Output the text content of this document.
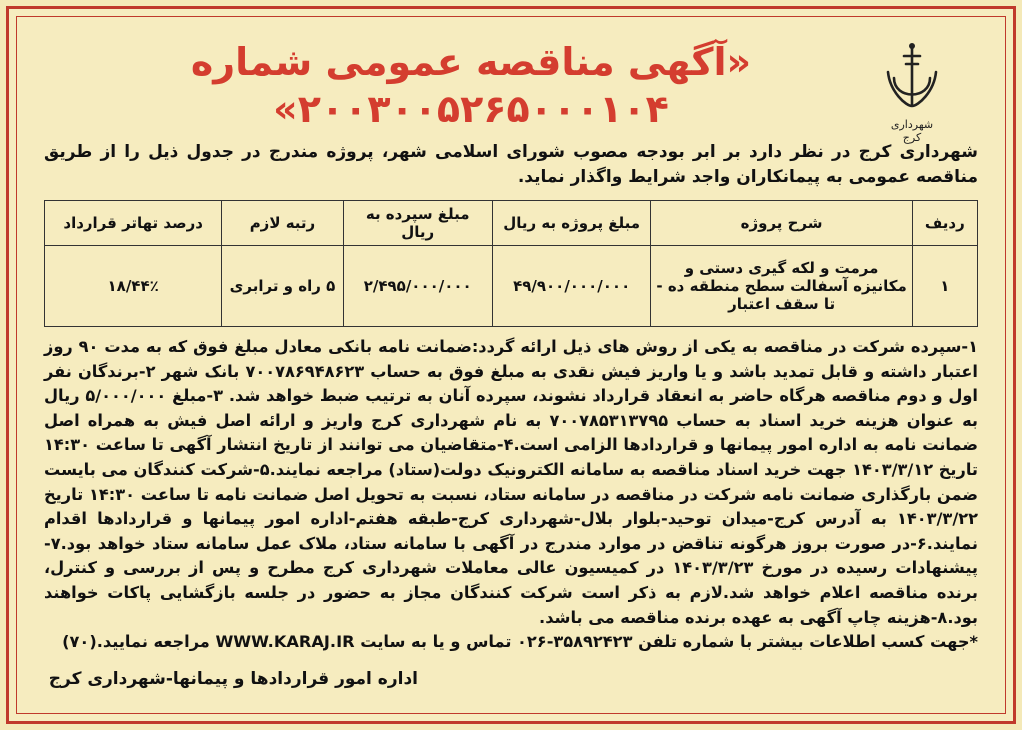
شهرداری کرج
«آگهی مناقصه عمومی شماره
۲۰۰۳۰۰۵۲۶۵۰۰۰۱۰۴»
شهرداری کرج در نظر دارد بر ابر بودجه مصوب شورای اسلامی شهر، پروژه مندرج در جدول ذیل را از طریق مناقصه عمومی به پیمانکاران واجد شرایط واگذار نماید.
ردیف	شرح پروژه	مبلغ پروژه به ریال	مبلغ سپرده به ریال	رتبه لازم	درصد تهاتر قرارداد
۱	مرمت و لکه گیری دستی و مکانیزه آسفالت سطح منطقه ده - تا سقف اعتبار	۴۹/۹۰۰/۰۰۰/۰۰۰	۲/۴۹۵/۰۰۰/۰۰۰	۵ راه و ترابری	۱۸/۴۴٪
۱-سپرده شرکت در مناقصه به یکی از روش های ذیل ارائه گردد:ضمانت نامه بانکی معادل مبلغ فوق که به مدت ۹۰ روز اعتبار داشته و قابل تمدید باشد و یا واریز فیش نقدی به مبلغ فوق به حساب ۷۰۰۷۸۶۹۴۸۶۲۳ بانک شهر ۲-برندگان نفر اول و دوم مناقصه هرگاه حاضر به انعقاد قرارداد نشوند، سپرده آنان به ترتیب ضبط خواهد شد. ۳-مبلغ ۵/۰۰۰/۰۰۰ ریال به عنوان هزینه خرید اسناد به حساب ۷۰۰۷۸۵۳۱۳۷۹۵ به نام شهرداری کرج واریز و ارائه اصل فیش به همراه اصل ضمانت نامه به اداره امور پیمانها و قراردادها الزامی است.۴-متقاضیان می توانند از تاریخ انتشار آگهی تا ساعت ۱۴:۳۰ تاریخ ۱۴۰۳/۳/۱۲ جهت خرید اسناد مناقصه به سامانه الکترونیک دولت(ستاد) مراجعه نمایند.۵-شرکت کنندگان می بایست ضمن بارگذاری ضمانت نامه شرکت در مناقصه در سامانه ستاد، نسبت به تحویل اصل ضمانت نامه تا ساعت ۱۴:۳۰ تاریخ ۱۴۰۳/۳/۲۲ به آدرس کرج-میدان توحید-بلوار بلال-شهرداری کرج-طبقه هفتم-اداره امور پیمانها و قراردادها اقدام نمایند.۶-در صورت بروز هرگونه تناقض در موارد مندرج در آگهی با سامانه ستاد، ملاک عمل سامانه ستاد خواهد بود.۷-پیشنهادات رسیده در مورخ ۱۴۰۳/۳/۲۳ در کمیسیون عالی معاملات شهرداری کرج مطرح و پس از بررسی و کنترل، برنده مناقصه اعلام خواهد شد.لازم به ذکر است شرکت کنندگان مجاز به حضور در جلسه بازگشایی پاکات خواهند بود.۸-هزینه چاپ آگهی به عهده برنده مناقصه می باشد.
*جهت کسب اطلاعات بیشتر با شماره تلفن ۳۵۸۹۲۴۲۳-۰۲۶ تماس و یا به سایت WWW.KARAJ.IR مراجعه نمایید.(۷۰)
اداره امور قراردادها و پیمانها-شهرداری کرج
